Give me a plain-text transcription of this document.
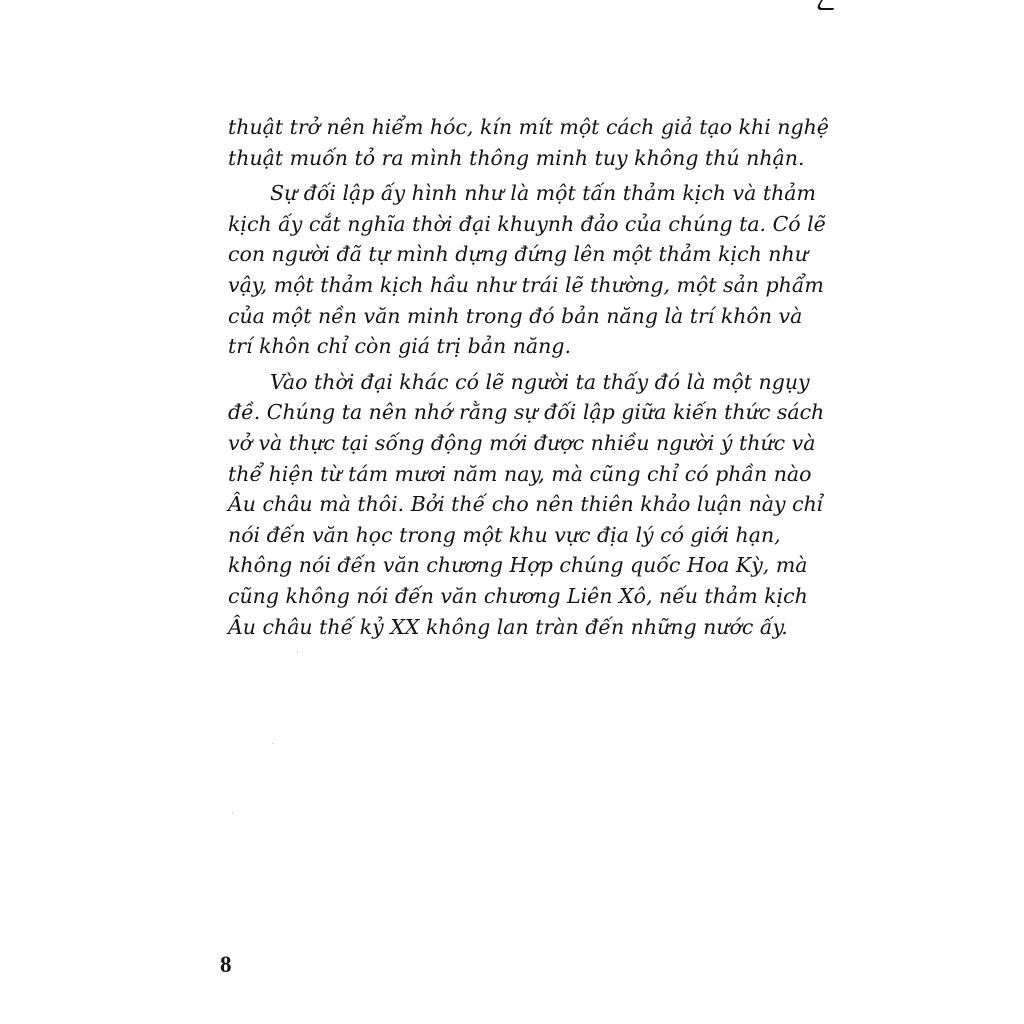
thuật trở nên hiểm hóc, kín mít một cách giả tạo khi nghệ
thuật muốn tỏ ra mình thông minh tuy không thú nhận.
Sự đối lập ấy hình như là một tấn thảm kịch và thảm
kịch ấy cắt nghĩa thời đại khuynh đảo của chúng ta. Có lẽ
con người đã tự mình dựng đứng lên một thảm kịch như
vậy, một thảm kịch hầu như trái lẽ thường, một sản phẩm
của một nền văn minh trong đó bản năng là trí khôn và
trí khôn chỉ còn giá trị bản năng.
Vào thời đại khác có lẽ người ta thấy đó là một ngụy
đề. Chúng ta nên nhớ rằng sự đối lập giữa kiến thức sách
vở và thực tại sống động mới được nhiều người ý thức và
thể hiện từ tám mươi năm nay, mà cũng chỉ có phần nào
Âu châu mà thôi. Bởi thế cho nên thiên khảo luận này chỉ
nói đến văn học trong một khu vực địa lý có giới hạn,
không nói đến văn chương Hợp chúng quốc Hoa Kỳ, mà
cũng không nói đến văn chương Liên Xô, nếu thảm kịch
Âu châu thế kỷ XX không lan tràn đến những nước ấy.
8
